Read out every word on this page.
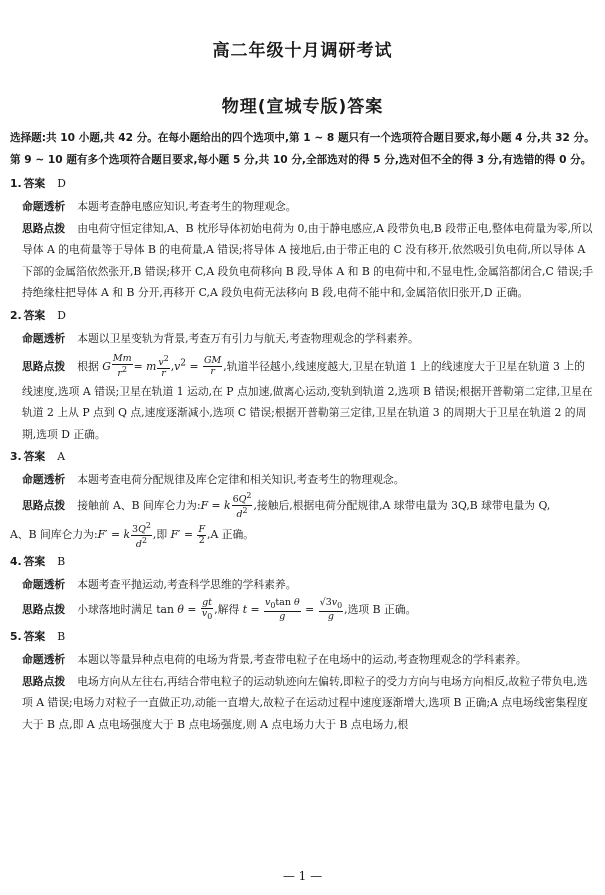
高二年级十月调研考试
物理(宣城专版)答案
选择题:共 10 小题,共 42 分。在每小题给出的四个选项中,第 1 ~ 8 题只有一个选项符合题目要求,每小题 4 分,共 32 分。第 9 ~ 10 题有多个选项符合题目要求,每小题 5 分,共 10 分,全部选对的得 5 分,选对但不全的得 3 分,有选错的得 0 分。
1. 答案 D
命题透析 本题考查静电感应知识,考查考生的物理观念。
思路点拨 由电荷守恒定律知,A、B 枕形导体初始电荷为 0,由于静电感应,A 段带负电,B 段带正电,整体电荷量为零,所以导体 A 的电荷量等于导体 B 的电荷量,A 错误;将导体 A 接地后,由于带正电的 C 没有移开,依然吸引负电荷,所以导体 A 下部的金属箔依然张开,B 错误;移开 C,A 段负电荷移向 B 段,导体 A 和 B 的电荷中和,不显电性,金属箔都闭合,C 错误;手持绝缘柱把导体 A 和 B 分开,再移开 C,A 段负电荷无法移向 B 段,电荷不能中和,金属箔依旧张开,D 正确。
2. 答案 D
命题透析 本题以卫星变轨为背景,考查万有引力与航天,考查物理观念的学科素养。
思路点拨 根据 G $\frac{Mm}{r^2} = m \frac{v^2}{r} ,v^2 = \frac{GM}{r}$ ,轨道半径越小,线速度越大,卫星在轨道 1 上的线速度大于卫星在轨道 3 上的线速度,选项 A 错误;卫星在轨道 1 运动,在 P 点加速,做离心运动,变轨到轨道 2,选项 B 错误;根据开普勒第二定律,卫星在轨道 2 上从 P 点到 Q 点,速度逐渐减小,选项 C 错误;根据开普勒第三定律,卫星在轨道 3 的周期大于卫星在轨道 2 的周期,选项 D 正确。
3. 答案 A
命题透析 本题考查电荷分配规律及库仑定律和相关知识,考查考生的物理观念。
思路点拨 接触前 A、B 间库仑力为:F = k $\frac{6Q^2}{d^2}$ ,接触后,根据电荷分配规律,A 球带电量为 3Q,B 球带电量为 Q,
A、B 间库仑力为:F′ = k $\frac{3Q^2}{d^2}$ ,即 $F' = \frac{F}{2} ,A$ 正确。
4. 答案 B
命题透析 本题考查平抛运动,考查科学思维的学科素养。
思路点拨 小球落地时满足 $\tan \theta = \frac{gt}{v_0}$ ,解得 $t = \frac{v_0\tan \theta}{g} = \frac{√3v_0}{g}$ ,选项 B 正确。
5. 答案 B
命题透析 本题以等量异种点电荷的电场为背景,考查带电粒子在电场中的运动,考查物理观念的学科素养。
思路点拨 电场方向从左往右,再结合带电粒子的运动轨迹向左偏转,即粒子的受力方向与电场方向相反,故粒子带负电,选项 A 错误;电场力对粒子一直做正功,动能一直增大,故粒子在运动过程中速度逐渐增大,选项 B 正确;A 点电场线密集程度大于 B 点,即 A 点电场强度大于 B 点电场强度,则 A 点电场力大于 B 点电场力,根
— 1 —
